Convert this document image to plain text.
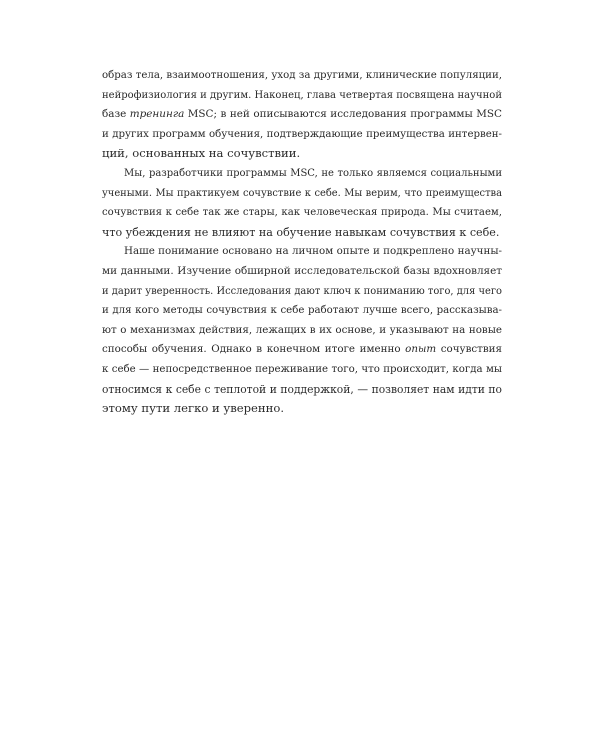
образ тела, взаимоотношения, уход за другими, клинические популяции,
нейрофизиология и другим. Наконец, глава четвертая посвящена научной
базе тренинга MSC; в ней описываются исследования программы MSC
и других программ обучения, подтверждающие преимущества интервен-
ций, основанных на сочувствии.
Мы, разработчики программы MSC, не только являемся социальными
учеными. Мы практикуем сочувствие к себе. Мы верим, что преимущества
сочувствия к себе так же стары, как человеческая природа. Мы считаем,
что убеждения не влияют на обучение навыкам сочувствия к себе.
Наше понимание основано на личном опыте и подкреплено научны-
ми данными. Изучение обширной исследовательской базы вдохновляет
и дарит уверенность. Исследования дают ключ к пониманию того, для чего
и для кого методы сочувствия к себе работают лучше всего, рассказыва-
ют о механизмах действия, лежащих в их основе, и указывают на новые
способы обучения. Однако в конечном итоге именно опыт сочувствия
к себе — непосредственное переживание того, что происходит, когда мы
относимся к себе с теплотой и поддержкой, — позволяет нам идти по
этому пути легко и уверенно.
